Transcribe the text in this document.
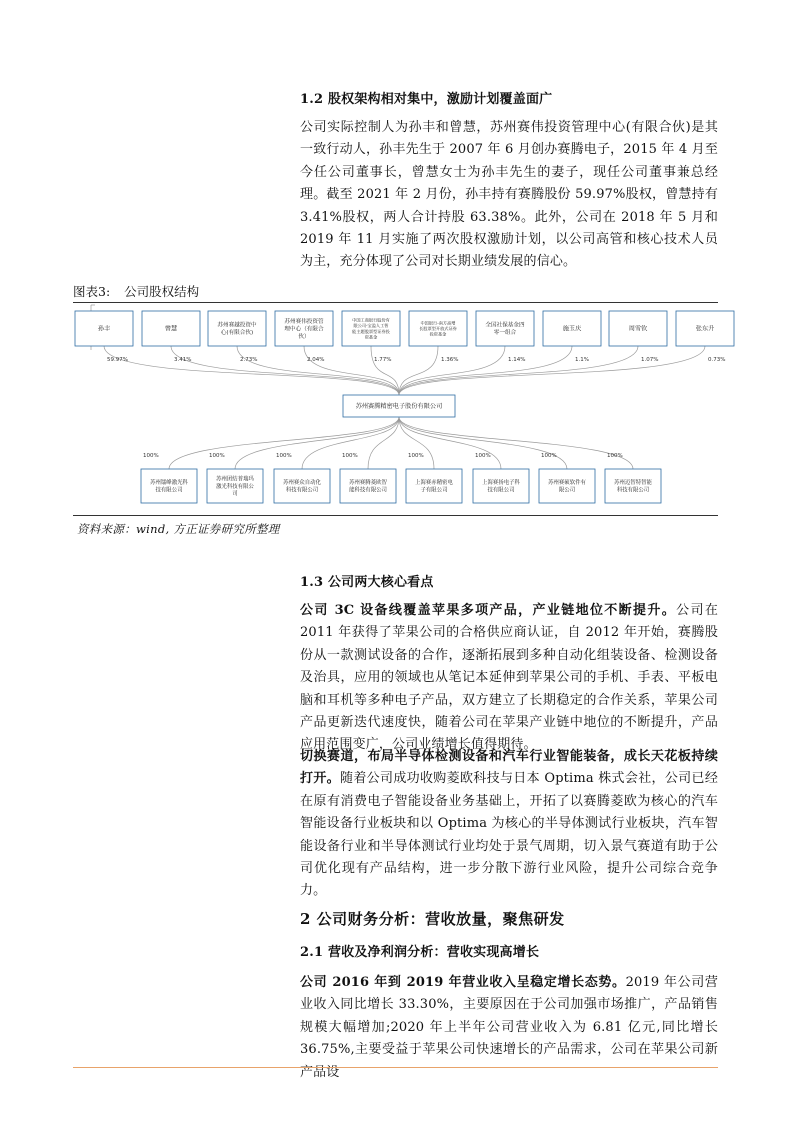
1.2 股权架构相对集中，激励计划覆盖面广

公司实际控制人为孙丰和曾慧，苏州赛伟投资管理中心(有限合伙)是其一致行动人，孙丰先生于 2007 年 6 月创办赛腾电子，2015 年 4 月至今任公司董事长，曾慧女士为孙丰先生的妻子，现任公司董事兼总经理。截至 2021 年 2 月份，孙丰持有赛腾股份 59.97%股权，曾慧持有 3.41%股权，两人合计持股 63.38%。此外，公司在 2018 年 5 月和 2019 年 11 月实施了两次股权激励计划，以公司高管和核心技术人员为主，充分体现了公司对长期业绩发展的信心。

图表3: 公司股权结构
孙丰
59.97%
曾慧
3.41%
苏州赛越投资中心(有限合伙)
2.73%
苏州赛伟投资管理中心（有限合伙）
2.04%
中国工商银行股份有限公司-宝盈人工智能主题股票型证券投资基金
1.77%
中国银行-南方高增长股票型开放式证券投资基金
1.36%
全国社保基金四零一组合
1.14%
施玉庆
1.1%
周雪钦
1.07%
张东升
0.73%
苏州镭峰激光科技有限公司
100%
苏州团结普瑞玛激光科技有限公司
100%
苏州赛众自动化科技有限公司
100%
苏州赛腾菱欧智能科技有限公司
100%
上海赛赤精密电子有限公司
100%
上海赛扬电子科技有限公司
100%
苏州赛硕软件有限公司
100%
苏州迈智特智能科技有限公司
100%
苏州赛腾精密电子股份有限公司
资料来源：wind, 方正证券研究所整理
1.3 公司两大核心看点

公司 3C 设备线覆盖苹果多项产品，产业链地位不断提升。公司在 2011 年获得了苹果公司的合格供应商认证，自 2012 年开始，赛腾股份从一款测试设备的合作，逐渐拓展到多种自动化组装设备、检测设备及治具，应用的领域也从笔记本延伸到苹果公司的手机、手表、平板电脑和耳机等多种电子产品，双方建立了长期稳定的合作关系，苹果公司产品更新迭代速度快，随着公司在苹果产业链中地位的不断提升，产品应用范围变广，公司业绩增长值得期待。

切换赛道，布局半导体检测设备和汽车行业智能装备，成长天花板持续打开。随着公司成功收购菱欧科技与日本 Optima 株式会社，公司已经在原有消费电子智能设备业务基础上，开拓了以赛腾菱欧为核心的汽车智能设备行业板块和以 Optima 为核心的半导体测试行业板块，汽车智能设备行业和半导体测试行业均处于景气周期，切入景气赛道有助于公司优化现有产品结构，进一步分散下游行业风险，提升公司综合竞争力。

2 公司财务分析：营收放量，聚焦研发
2.1 营收及净利润分析：营收实现高增长

公司 2016 年到 2019 年营业收入呈稳定增长态势。2019 年公司营业收入同比增长 33.30%，主要原因在于公司加强市场推广，产品销售规模大幅增加;2020 年上半年公司营业收入为 6.81 亿元,同比增长 36.75%,主要受益于苹果公司快速增长的产品需求，公司在苹果公司新产品设
